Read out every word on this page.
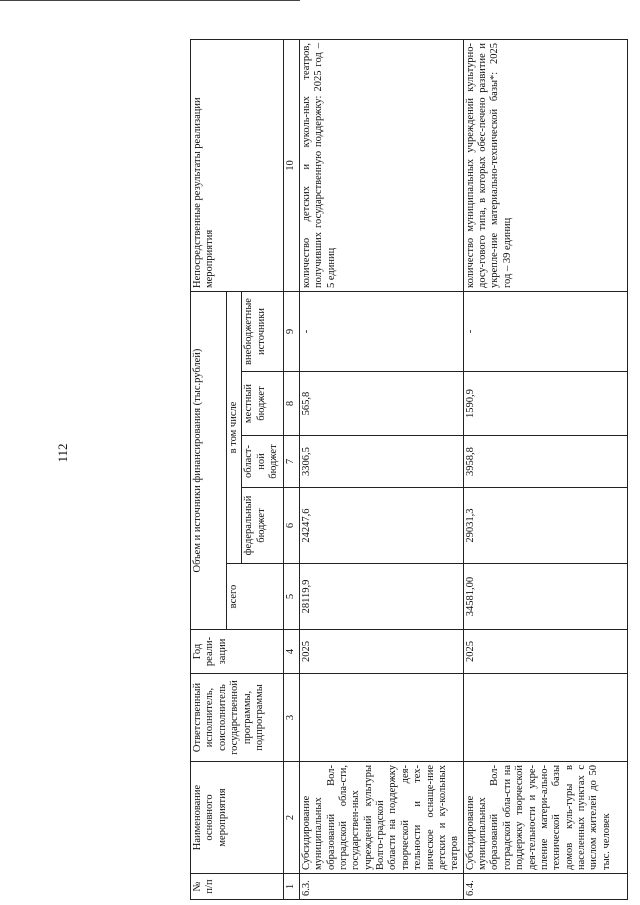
112
№ п/п	Наименование основного мероприятия	Ответственный исполнитель, соисполнитель государственной программы, подпрограммы	Год реали-зации	Объем и источники финансирования (тыс.рублей)					Непосредственные результаты реализации мероприятия
				всего	в том числе				
					федеральный бюджет	област-ной бюджет	местный бюджет	внебюджетные источники	
1	2	3	4	5	6	7	8	9	10
6.3.	Субсидирование муниципальных образований Вол-гоградской обла-сти, государствен-ных учреждений культуры Волго-градской области на поддержку творческой дея-тельности и тех-ническое оснаще-ние детских и ку-кольных театров		2025	28119,9	24247,6	3306,5	565,8	-	количество детских и куколь-ных театров, получивших государственную поддержку: 2025 год – 5 единиц
6.4.	Субсидирование муниципальных образований Вол-гоградской обла-сти на поддержку творческой дея-тельности и укре-пление матери-ально-технической базы домов куль-туры в населенных пунктах с числом жителей до 50 тыс. человек		2025	34581,00	29031,3	3958,8	1590,9	-	количество муниципальных учреждений культурно-досу-гового типа, в которых обес-печено развитие и укрепле-ние материально-технической базы*: 2025 год – 39 единиц
